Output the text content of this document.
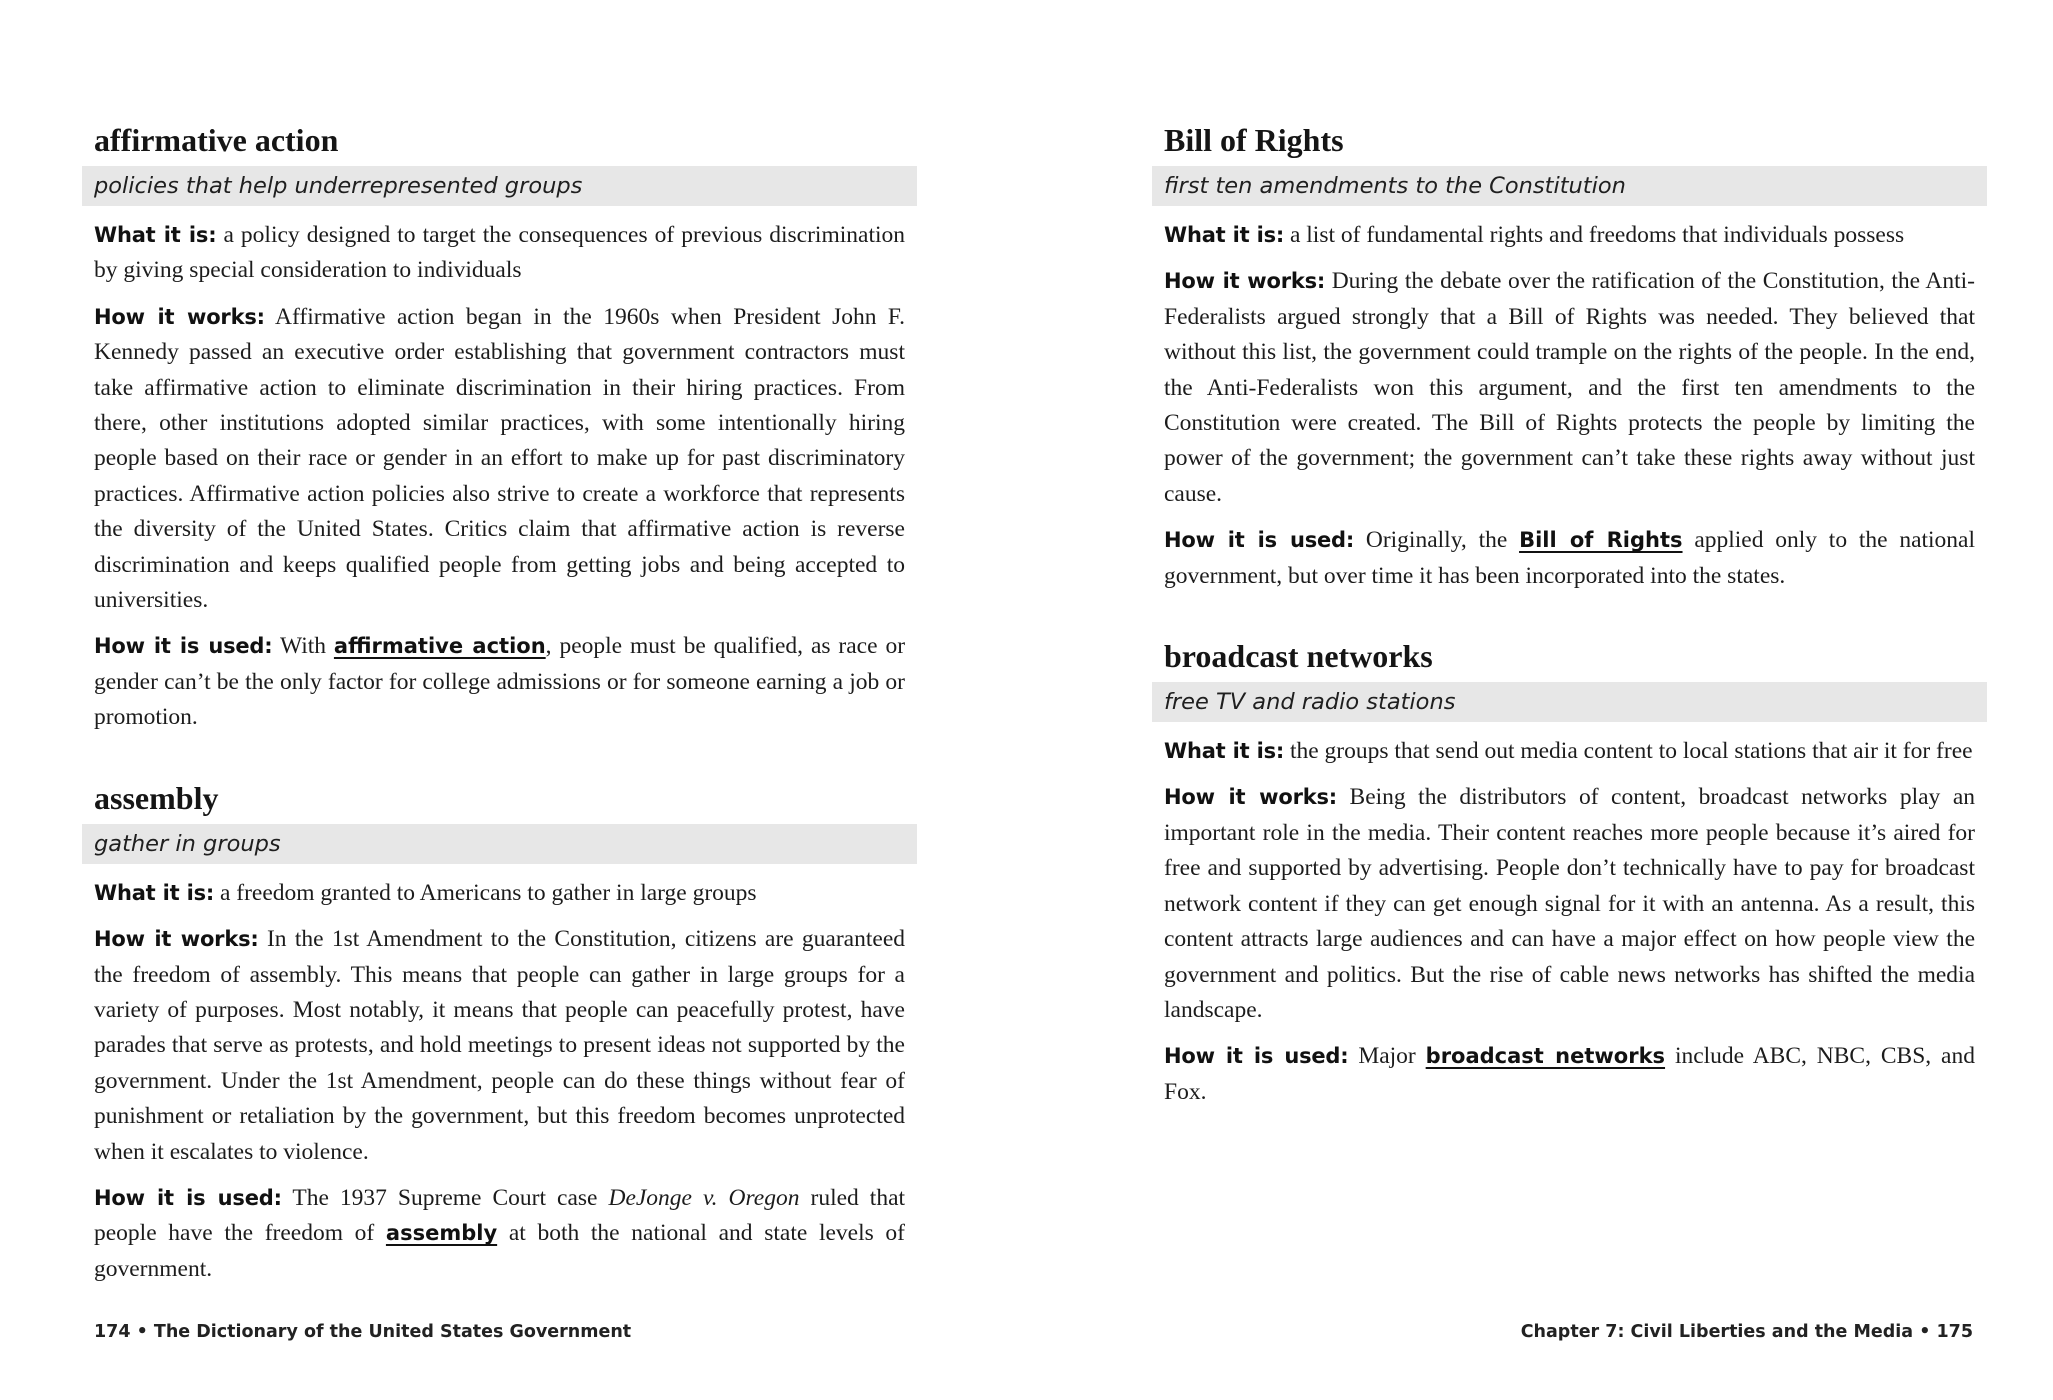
affirmative action
policies that help underrepresented groups

What it is: a policy designed to target the consequences of previous discrimination by giving special consideration to individuals

How it works: Affirmative action began in the 1960s when President John F. Kennedy passed an executive order establishing that government contractors must take affirmative action to eliminate discrimination in their hiring practices. From there, other institutions adopted similar practices, with some intentionally hiring people based on their race or gender in an effort to make up for past discriminatory practices. Affirmative action policies also strive to create a workforce that represents the diversity of the United States. Critics claim that affirmative action is reverse discrimination and keeps qualified people from getting jobs and being accepted to universities.

How it is used: With affirmative action, people must be qualified, as race or gender can’t be the only factor for college admissions or for someone earning a job or promotion.

assembly
gather in groups

What it is: a freedom granted to Americans to gather in large groups

How it works: In the 1st Amendment to the Constitution, citizens are guaranteed the freedom of assembly. This means that people can gather in large groups for a variety of purposes. Most notably, it means that people can peacefully protest, have parades that serve as protests, and hold meetings to present ideas not supported by the government. Under the 1st Amendment, people can do these things without fear of punishment or retaliation by the government, but this freedom becomes unprotected when it escalates to violence.

How it is used: The 1937 Supreme Court case DeJonge v. Oregon ruled that people have the freedom of assembly at both the national and state levels of government.

Bill of Rights
first ten amendments to the Constitution

What it is: a list of fundamental rights and freedoms that individuals possess

How it works: During the debate over the ratification of the Constitution, the Anti-Federalists argued strongly that a Bill of Rights was needed. They believed that without this list, the government could trample on the rights of the people. In the end, the Anti-Federalists won this argument, and the first ten amendments to the Constitution were created. The Bill of Rights protects the people by limiting the power of the government; the government can’t take these rights away without just cause.

How it is used: Originally, the Bill of Rights applied only to the national government, but over time it has been incorporated into the states.

broadcast networks
free TV and radio stations

What it is: the groups that send out media content to local stations that air it for free

How it works: Being the distributors of content, broadcast networks play an important role in the media. Their content reaches more people because it’s aired for free and supported by advertising. People don’t technically have to pay for broadcast network content if they can get enough signal for it with an antenna. As a result, this content attracts large audiences and can have a major effect on how people view the government and politics. But the rise of cable news networks has shifted the media landscape.

How it is used: Major broadcast networks include ABC, NBC, CBS, and Fox.

174 • The Dictionary of the United States Government	Chapter 7: Civil Liberties and the Media • 175
